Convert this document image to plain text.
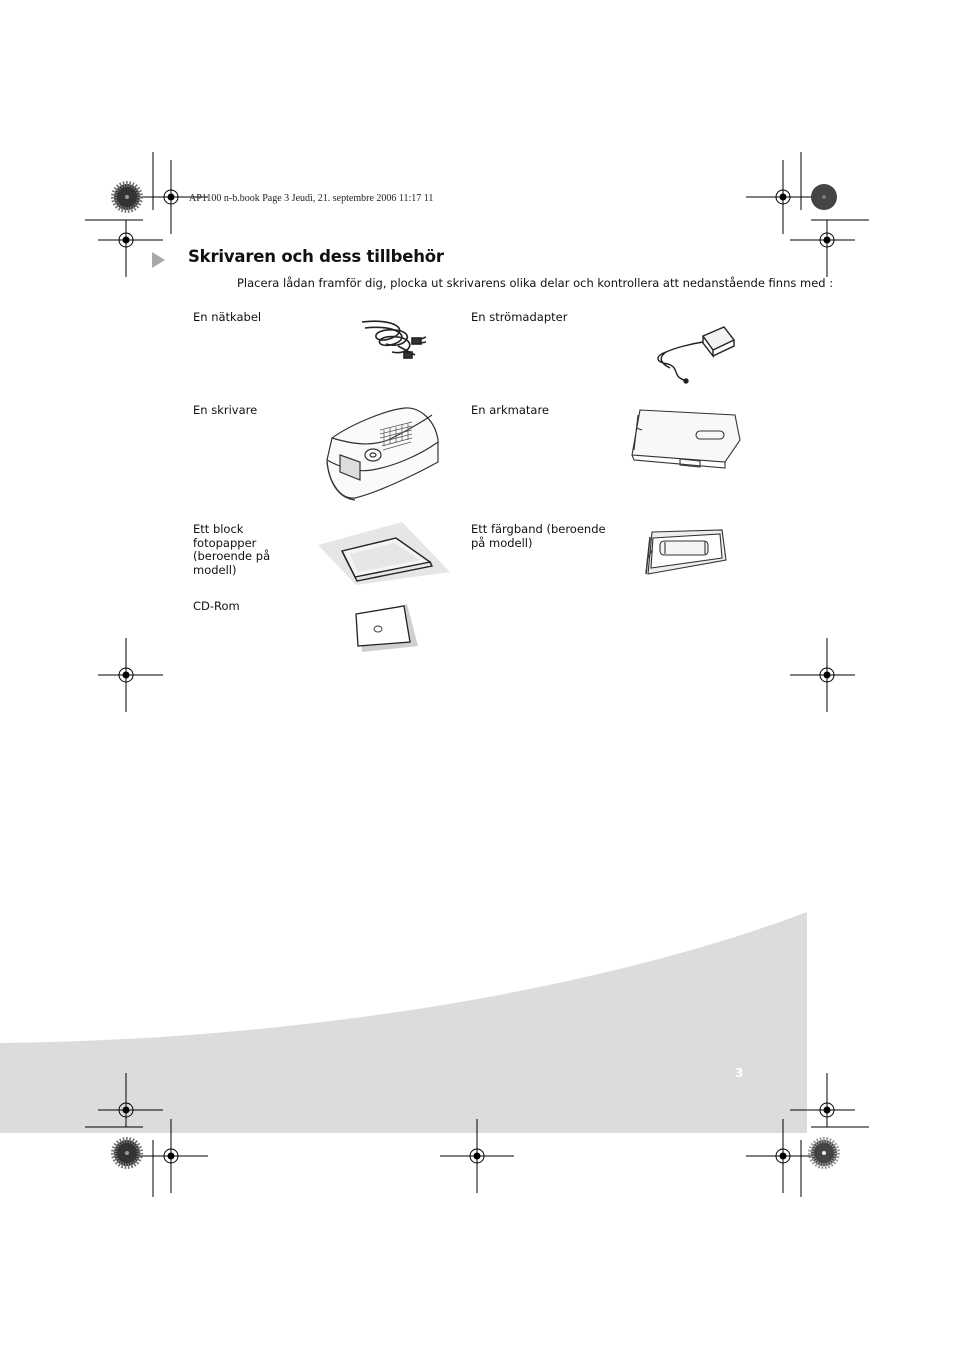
AP1100 n-b.book Page 3 Jeudi, 21. septembre 2006 11:17 11
Skrivaren och dess tillbehör
Placera lådan framför dig, plocka ut skrivarens olika delar och kontrollera att nedanstående finns med :
En nätkabel	En strömadapter
En skrivare	En arkmatare
Ett block fotopapper (beroende på modell)
Ett färgband (beroende på modell)
CD-Rom
3
